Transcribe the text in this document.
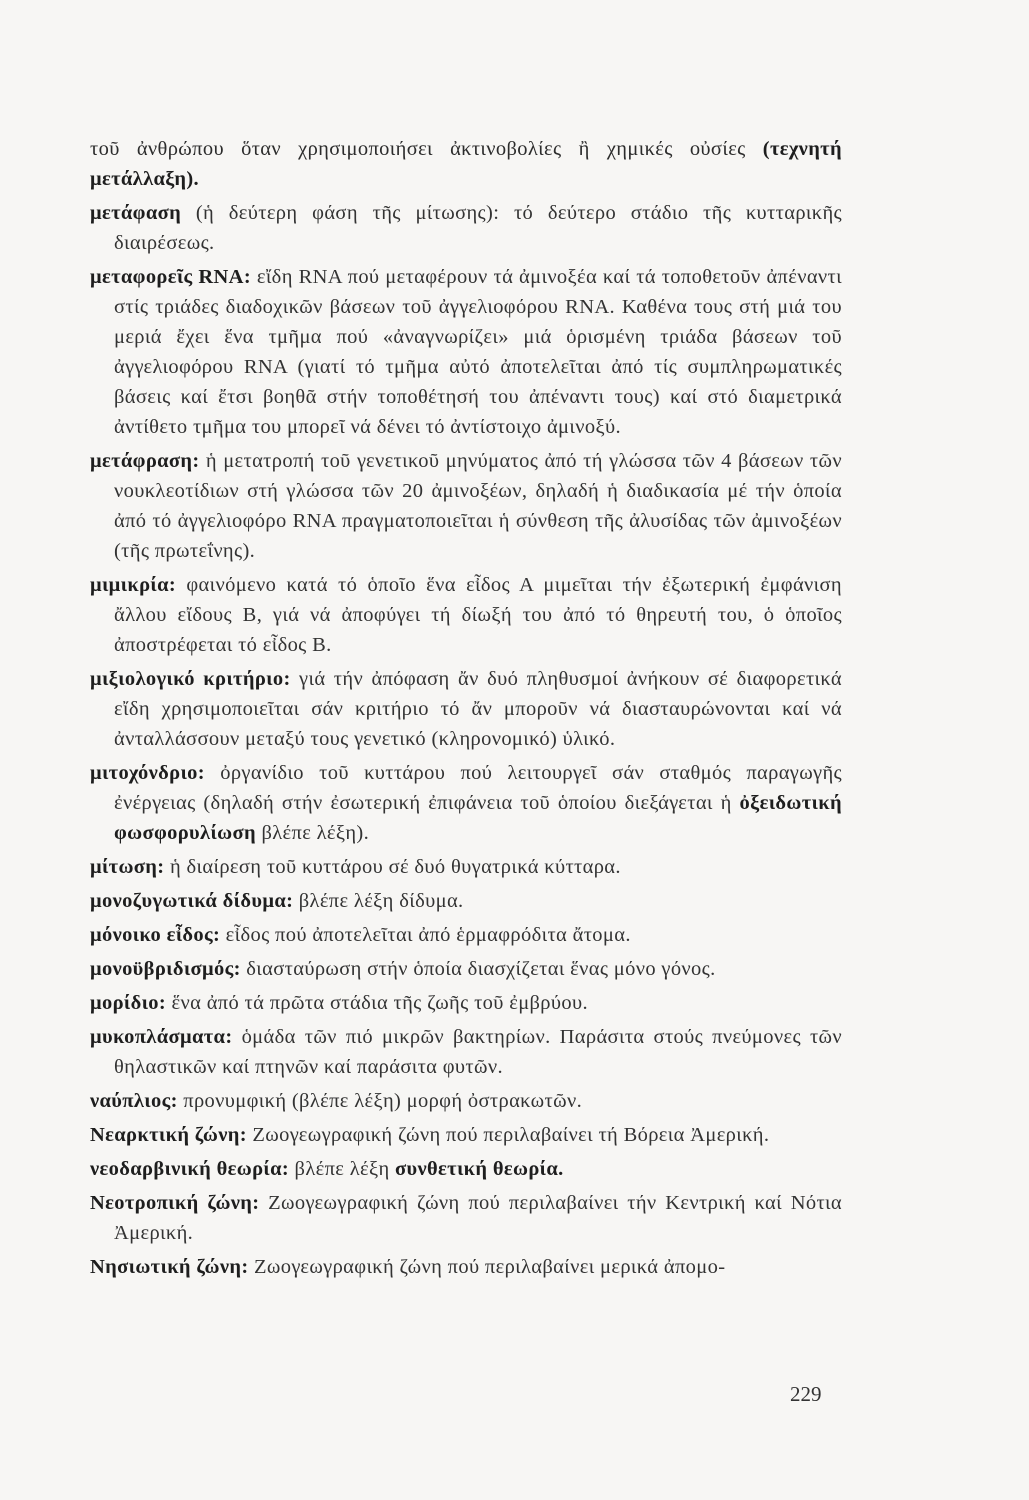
τοῦ ἀνθρώπου ὅταν χρησιμοποιήσει ἀκτινοβολίες ἢ χημικές οὐσίες (τεχνητή μετάλλαξη).

μετάφαση (ἡ δεύτερη φάση τῆς μίτωσης): τό δεύτερο στάδιο τῆς κυτταρικῆς διαιρέσεως.

μεταφορεῖς RNA: εἴδη RNA πού μεταφέρουν τά ἀμινοξέα καί τά τοποθετοῦν ἀπέναντι στίς τριάδες διαδοχικῶν βάσεων τοῦ ἀγγελιοφόρου RNA. Καθένα τους στή μιά του μεριά ἔχει ἕνα τμῆμα πού «ἀναγνωρίζει» μιά ὁρισμένη τριάδα βάσεων τοῦ ἀγγελιοφόρου RNA (γιατί τό τμῆμα αὐτό ἀποτελεῖται ἀπό τίς συμπληρωματικές βάσεις καί ἔτσι βοηθᾶ στήν τοποθέτησή του ἀπέναντι τους) καί στό διαμετρικά ἀντίθετο τμῆμα του μπορεῖ νά δένει τό ἀντίστοιχο ἀμινοξύ.

μετάφραση: ἡ μετατροπή τοῦ γενετικοῦ μηνύματος ἀπό τή γλώσσα τῶν 4 βάσεων τῶν νουκλεοτίδιων στή γλώσσα τῶν 20 ἀμινοξέων, δηλαδή ἡ διαδικασία μέ τήν ὁποία ἀπό τό ἀγγελιοφόρο RNA πραγματοποιεῖται ἡ σύνθεση τῆς ἀλυσίδας τῶν ἀμινοξέων (τῆς πρωτεΐνης).

μιμικρία: φαινόμενο κατά τό ὁποῖο ἕνα εἶδος Α μιμεῖται τήν ἐξωτερική ἐμφάνιση ἄλλου εἴδους Β, γιά νά ἀποφύγει τή δίωξή του ἀπό τό θηρευτή του, ὁ ὁποῖος ἀποστρέφεται τό εἶδος Β.

μιξιολογικό κριτήριο: γιά τήν ἀπόφαση ἄν δυό πληθυσμοί ἀνήκουν σέ διαφορετικά εἴδη χρησιμοποιεῖται σάν κριτήριο τό ἄν μποροῦν νά διασταυρώνονται καί νά ἀνταλλάσσουν μεταξύ τους γενετικό (κληρονομικό) ὑλικό.

μιτοχόνδριο: ὀργανίδιο τοῦ κυττάρου πού λειτουργεῖ σάν σταθμός παραγωγῆς ἐνέργειας (δηλαδή στήν ἐσωτερική ἐπιφάνεια τοῦ ὁποίου διεξάγεται ἡ ὀξειδωτική φωσφορυλίωση βλέπε λέξη).

μίτωση: ἡ διαίρεση τοῦ κυττάρου σέ δυό θυγατρικά κύτταρα.

μονοζυγωτικά δίδυμα: βλέπε λέξη δίδυμα.

μόνοικο εἶδος: εἶδος πού ἀποτελεῖται ἀπό ἑρμαφρόδιτα ἄτομα.

μονοϋβριδισμός: διασταύρωση στήν ὁποία διασχίζεται ἕνας μόνο γόνος.

μορίδιο: ἕνα ἀπό τά πρῶτα στάδια τῆς ζωῆς τοῦ ἐμβρύου.

μυκοπλάσματα: ὁμάδα τῶν πιό μικρῶν βακτηρίων. Παράσιτα στούς πνεύμονες τῶν θηλαστικῶν καί πτηνῶν καί παράσιτα φυτῶν.

ναύπλιος: προνυμφική (βλέπε λέξη) μορφή ὀστρακωτῶν.

Νεαρκτική ζώνη: Ζωογεωγραφική ζώνη πού περιλαβαίνει τή Βόρεια Ἀμερική.

νεοδαρβινική θεωρία: βλέπε λέξη συνθετική θεωρία.

Νεοτροπική ζώνη: Ζωογεωγραφική ζώνη πού περιλαβαίνει τήν Κεντρική καί Νότια Ἀμερική.

Νησιωτική ζώνη: Ζωογεωγραφική ζώνη πού περιλαβαίνει μερικά ἀπομο-

229
